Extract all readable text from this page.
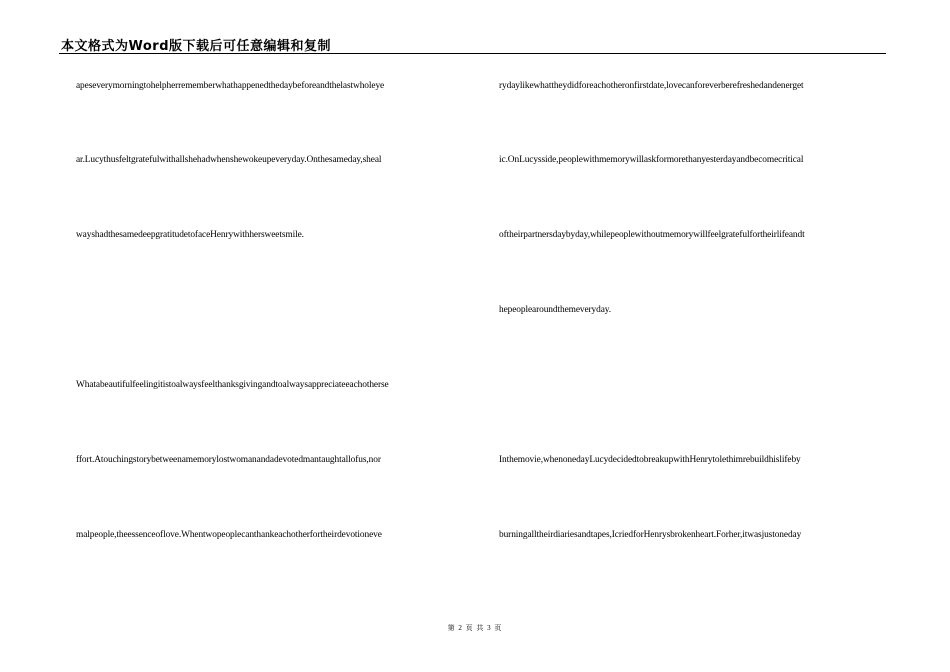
本文格式为Word版下载后可任意编辑和复制
apeseverymorningtohelpherrememberwhathappenedthedaybeforeandthelastwholeye
ar.Lucythusfeltgratefulwithallshehadwhenshewokeupeveryday.Onthesameday,sheal
wayshadthesamedeepgratitudetofaceHenrywithhersweetsmile.
Whatabeautifulfeelingitistoalwaysfeelthanksgivingandtoalwaysappreciateeachotherse
ffort.Atouchingstorybetweenamemorylostwomanandadevotedmantaughtallofus,nor
malpeople,theessenceoflove.Whentwopeoplecanthankeachotherfortheirdevotioneve
rydaylikewhattheydidforeachotheronfirstdate,lovecanforeverberefreshedandenerget
ic.OnLucysside,peoplewithmemorywillaskformorethanyesterdayandbecomecritical
oftheirpartnersdaybyday,whilepeoplewithoutmemorywillfeelgratefulfortheirlifeandt
hepeoplearoundthemeveryday.
Inthemovie,whenonedayLucydecidedtobreakupwithHenrytolethimrebuildhislifeby
burningalltheirdiariesandtapes,IcriedforHenrysbrokenheart.Forher,itwasjustoneday
第 2 页 共 3 页
